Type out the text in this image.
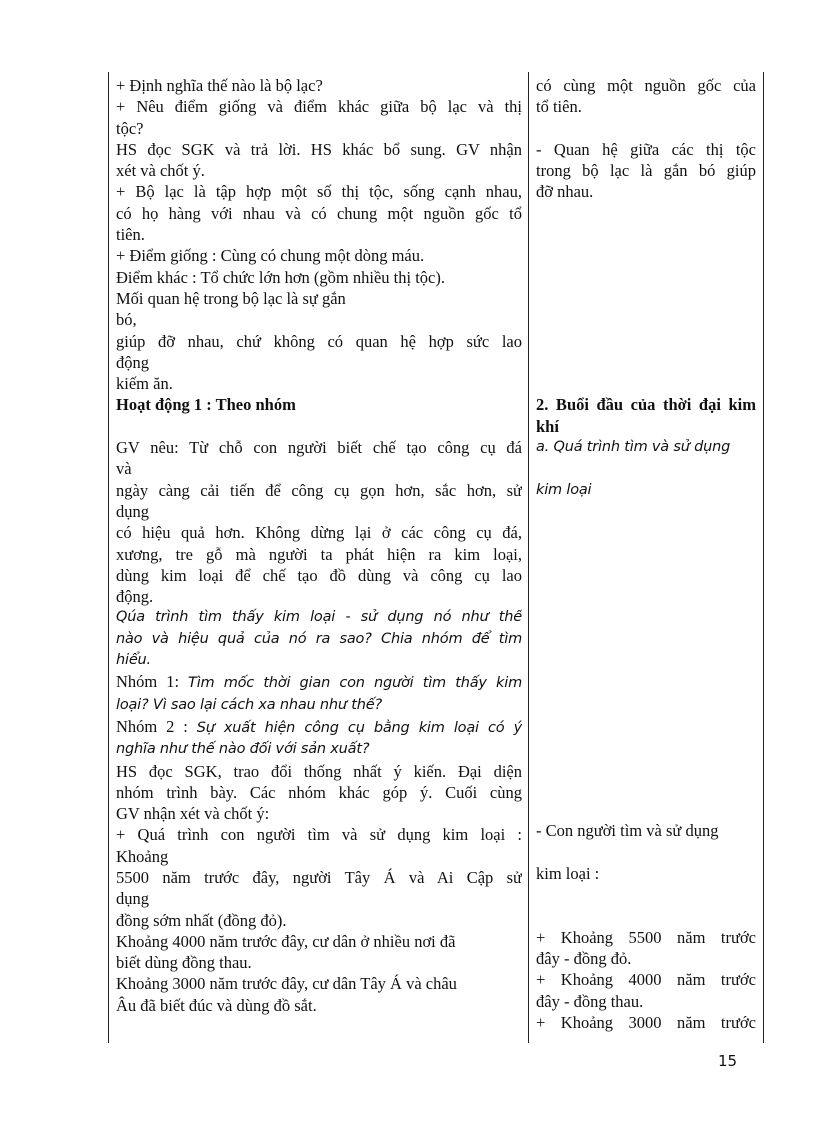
+ Định nghĩa thế nào là bộ lạc?
+ Nêu điểm giống và điểm khác giữa bộ lạc và thị
tộc?
HS đọc SGK và trả lời. HS khác bổ sung. GV nhận
xét và chốt ý.
+ Bộ lạc là tập hợp một số thị tộc, sống cạnh nhau,
có họ hàng với nhau và có chung một nguồn gốc tổ
tiên.
+ Điểm giống : Cùng có chung một dòng máu.
Điểm khác : Tổ chức lớn hơn (gồm nhiều thị tộc).
Mối quan hệ trong bộ lạc là sự gắn
bó,
giúp đỡ nhau, chứ không có quan hệ hợp sức lao
động
kiếm ăn.
Hoạt động 1 : Theo nhóm
GV nêu: Từ chỗ con người biết chế tạo công cụ đá
và
ngày càng cải tiến để công cụ gọn hơn, sắc hơn, sử
dụng
có hiệu quả hơn. Không dừng lại ở các công cụ đá,
xương, tre gỗ mà người ta phát hiện ra kim loại,
dùng kim loại để chế tạo đồ dùng và công cụ lao
động.
Qúa trình tìm thấy kim loại - sử dụng nó như thế
nào và hiệu quả của nó ra sao? Chia nhóm để tìm
hiểu.
Nhóm 1: Tìm mốc thời gian con người tìm thấy kim
loại? Vì sao lại cách xa nhau như thế?
Nhóm 2 : Sự xuất hiện công cụ bằng kim loại có ý
nghĩa như thế nào đối với sản xuất?
HS đọc SGK, trao đổi thống nhất ý kiến. Đại diện
nhóm trình bày. Các nhóm khác góp ý. Cuối cùng
GV nhận xét và chốt ý:
+ Quá trình con người tìm và sử dụng kim loại :
Khoảng
5500 năm trước đây, người Tây Á và Ai Cập sử
dụng
đồng sớm nhất (đồng đỏ).
Khoảng 4000 năm trước đây, cư dân ở nhiều nơi đã
biết dùng đồng thau.
Khoảng 3000 năm trước đây, cư dân Tây Á và châu
Âu đã biết đúc và dùng đồ sắt.
có cùng một nguồn gốc của
tổ tiên.
- Quan hệ giữa các thị tộc
trong bộ lạc là gắn bó giúp
đỡ nhau.
2. Buổi đầu của thời đại kim
khí
a. Quá trình tìm và sử dụng
kim loại
- Con người tìm và sử dụng
kim loại :
+ Khoảng 5500 năm trước
đây - đồng đỏ.
+ Khoảng 4000 năm trước
đây - đồng thau.
+ Khoảng 3000 năm trước
15
